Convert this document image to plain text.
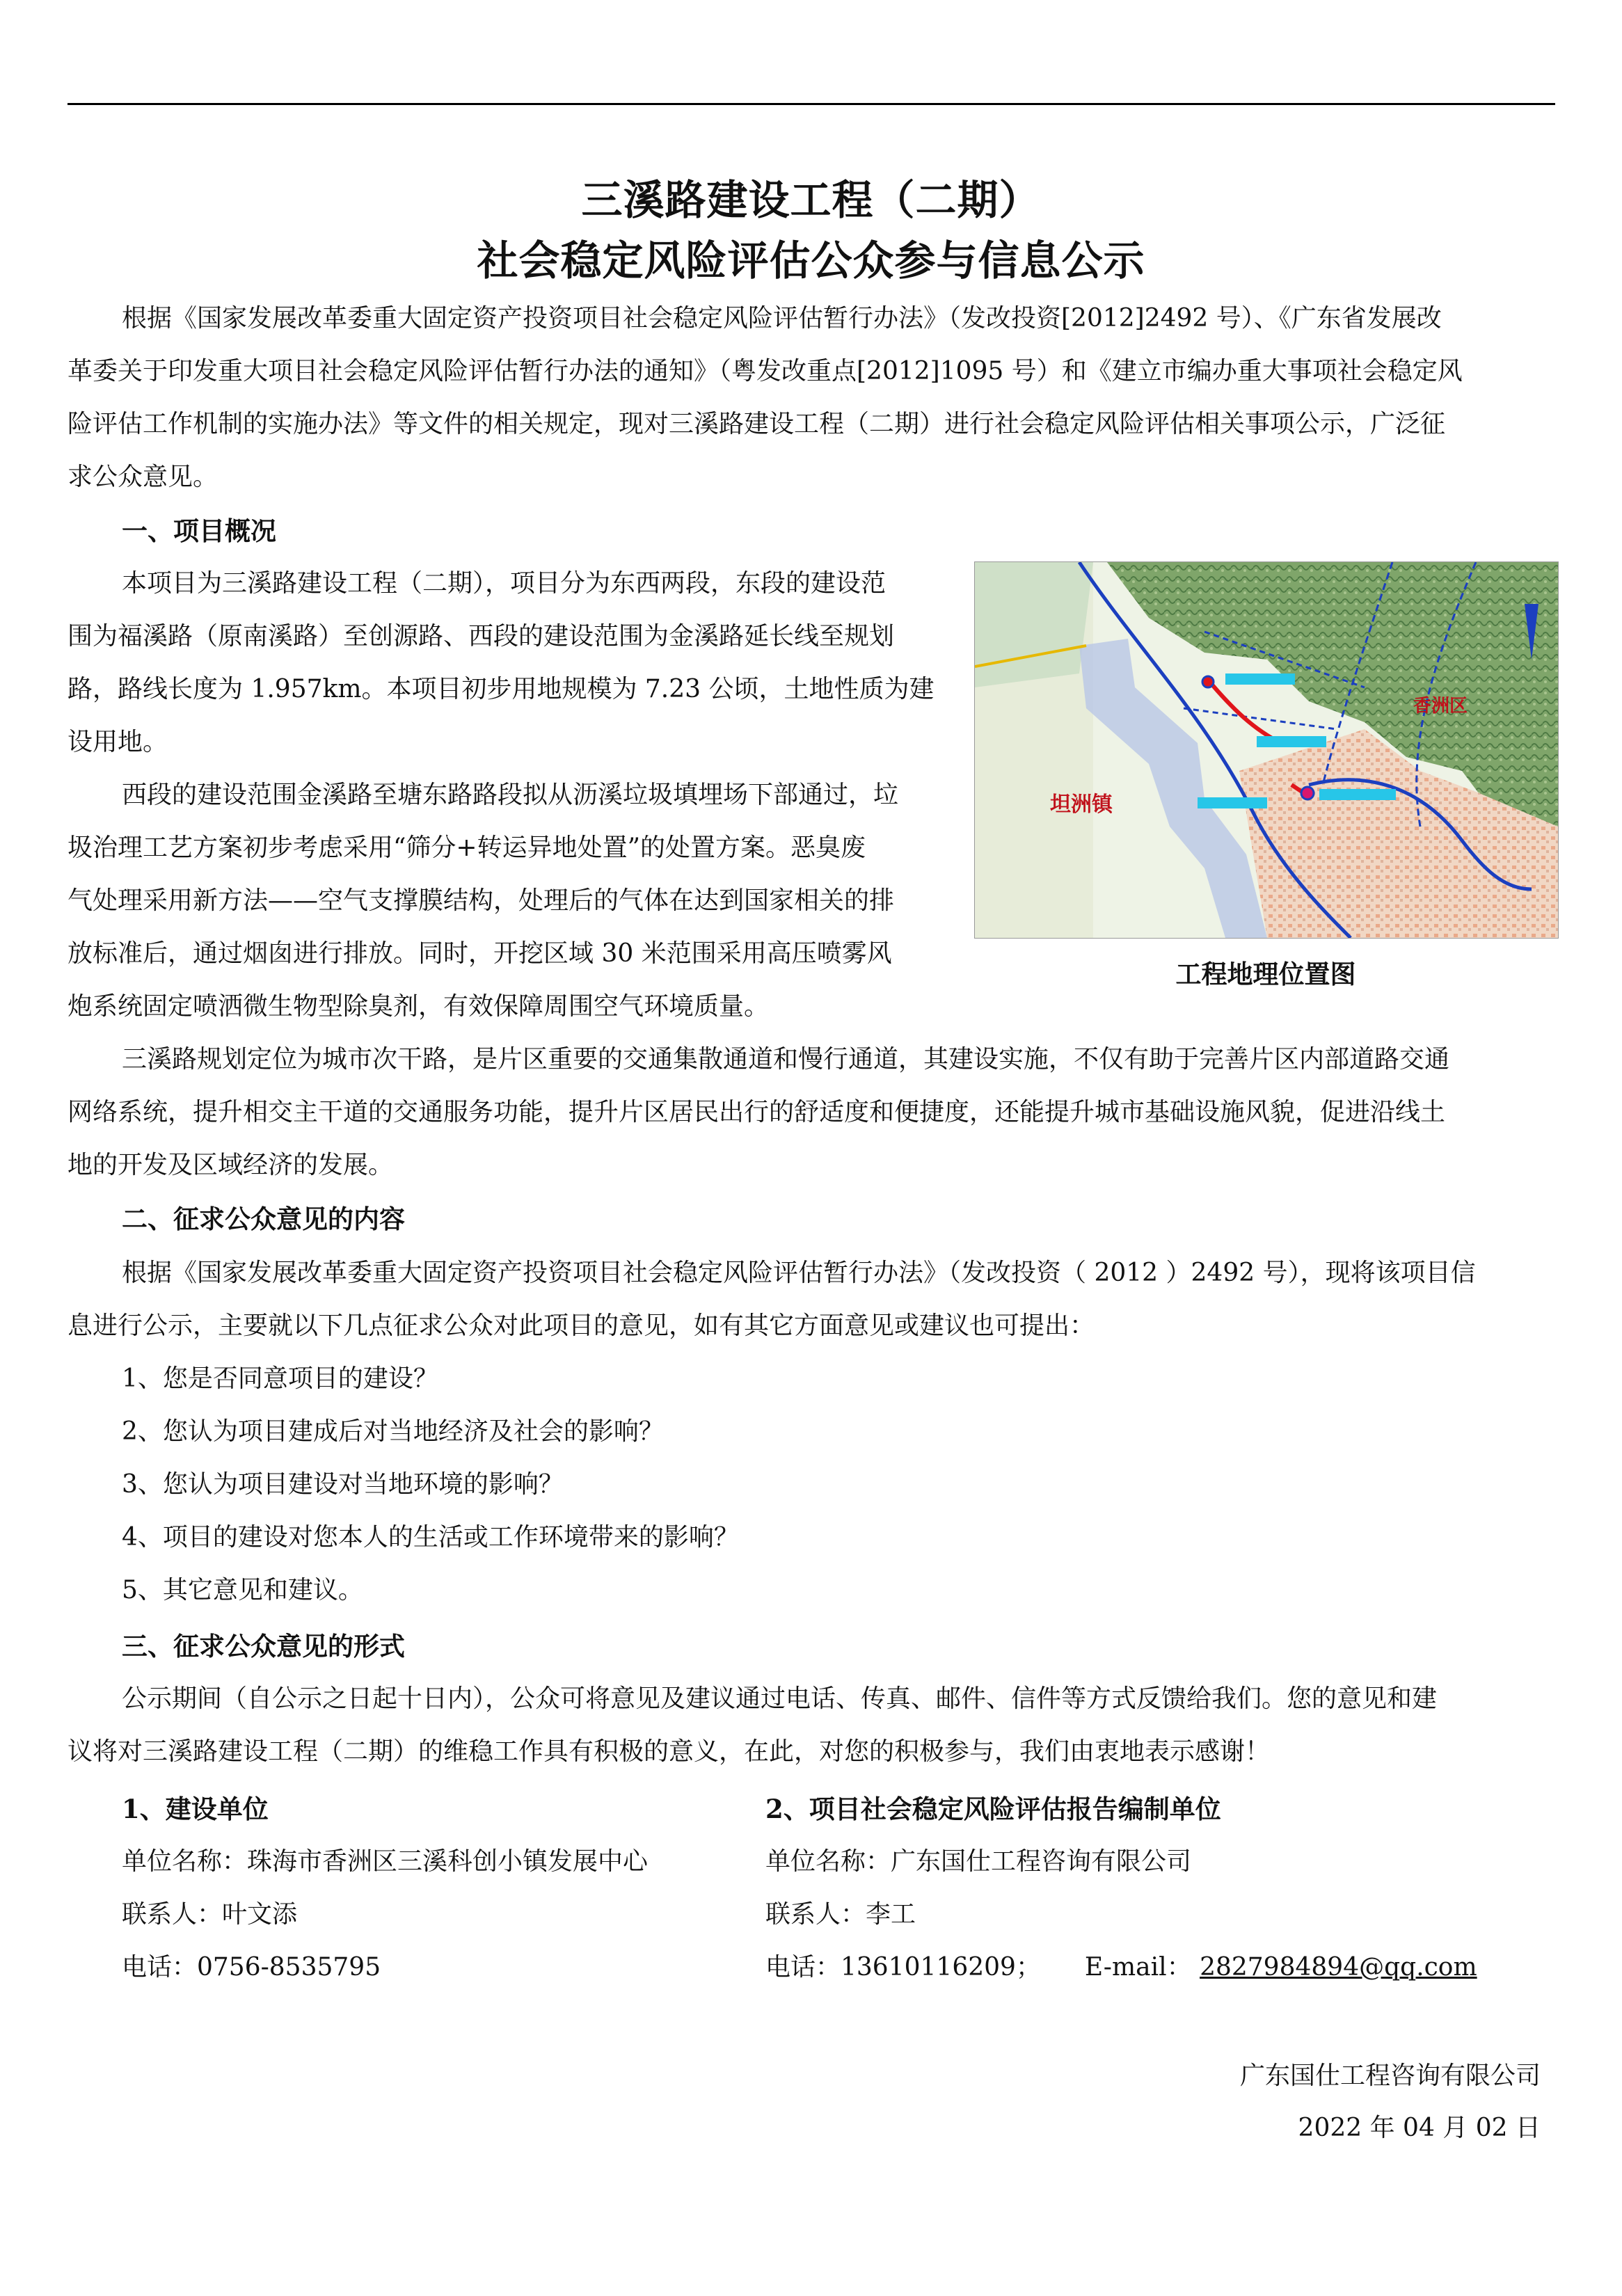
三溪路建设工程（二期）
社会稳定风险评估公众参与信息公示
根据《国家发展改革委重大固定资产投资项目社会稳定风险评估暂行办法》（发改投资[2012]2492 号）、《广东省发展改
革委关于印发重大项目社会稳定风险评估暂行办法的通知》（粤发改重点[2012]1095 号）和《建立市编办重大事项社会稳定风
险评估工作机制的实施办法》等文件的相关规定，现对三溪路建设工程（二期）进行社会稳定风险评估相关事项公示，广泛征
求公众意见。
一、项目概况
本项目为三溪路建设工程（二期），项目分为东西两段，东段的建设范
围为福溪路（原南溪路）至创源路、西段的建设范围为金溪路延长线至规划
路，路线长度为 1.957km。本项目初步用地规模为 7.23 公顷，土地性质为建
设用地。
西段的建设范围金溪路至塘东路路段拟从沥溪垃圾填埋场下部通过，垃
圾治理工艺方案初步考虑采用“筛分+转运异地处置”的处置方案。恶臭废
气处理采用新方法——空气支撑膜结构，处理后的气体在达到国家相关的排
放标准后，通过烟囱进行排放。同时，开挖区域 30 米范围采用高压喷雾风
炮系统固定喷洒微生物型除臭剂，有效保障周围空气环境质量。
坦洲镇
香洲区
工程地理位置图
三溪路规划定位为城市次干路，是片区重要的交通集散通道和慢行通道，其建设实施，不仅有助于完善片区内部道路交通
网络系统，提升相交主干道的交通服务功能，提升片区居民出行的舒适度和便捷度，还能提升城市基础设施风貌，促进沿线土
地的开发及区域经济的发展。
二、征求公众意见的内容
根据《国家发展改革委重大固定资产投资项目社会稳定风险评估暂行办法》（发改投资（ 2012 ）2492 号），现将该项目信
息进行公示，主要就以下几点征求公众对此项目的意见，如有其它方面意见或建议也可提出：
1、您是否同意项目的建设？
2、您认为项目建成后对当地经济及社会的影响？
3、您认为项目建设对当地环境的影响？
4、项目的建设对您本人的生活或工作环境带来的影响？
5、其它意见和建议。
三、征求公众意见的形式
公示期间（自公示之日起十日内），公众可将意见及建议通过电话、传真、邮件、信件等方式反馈给我们。您的意见和建
议将对三溪路建设工程（二期）的维稳工作具有积极的意义，在此，对您的积极参与，我们由衷地表示感谢！
1、建设单位
单位名称：珠海市香洲区三溪科创小镇发展中心
联系人：叶文添
电话：0756-8535795
2、项目社会稳定风险评估报告编制单位
单位名称：广东国仕工程咨询有限公司
联系人：李工
电话：13610116209； E-mail： 2827984894@qq.com
广东国仕工程咨询有限公司
2022 年 04 月 02 日
